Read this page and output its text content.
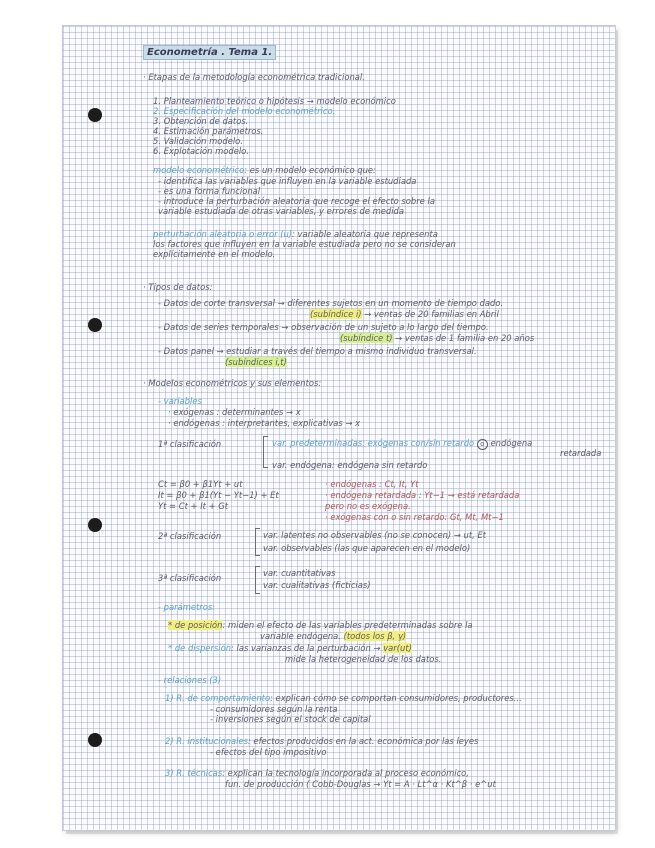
Econometría . Tema 1.
· Etapas de la metodología econométrica tradicional.
1. Planteamiento teórico o hipótesis → modelo económico
2. Especificación del modelo econométrico.
3. Obtención de datos.
4. Estimación parámetros.
5. Validación modelo.
6. Explotación modelo.
modelo econométrico: es un modelo económico que:
- identifica las variables que influyen en la variable estudiada
- es una forma funcional
- introduce la perturbación aleatoria que recoge el efecto sobre la
variable estudiada de otras variables, y errores de medida
perturbación aleatoria o error (u): variable aleatoria que representa
los factores que influyen en la variable estudiada pero no se consideran
explícitamente en el modelo.
· Tipos de datos:
- Datos de corte transversal → diferentes sujetos en un momento de tiempo dado.
(subíndice i) → ventas de 20 familias en Abril
- Datos de series temporales → observación de un sujeto a lo largo del tiempo.
(subíndice t) → ventas de 1 familia en 20 años
- Datos panel → estudiar a través del tiempo a mismo individuo transversal.
(subíndices i,t)
· Modelos econométricos y sus elementos:
- variables
· exógenas : determinantes → x
· endógenas : interpretantes, explicativas → x
1ª clasificación	var. predeterminadas: exógenas con/sin retardo o endógena
retardada
var. endógena: endógena sin retardo
Ct = β0 + β1Yt + ut
It = β0 + β1(Yt − Yt−1) + Et
Yt = Ct + It + Gt
· endógenas : Ct, It, Yt
· endógena retardada : Yt−1 → está retardada
pero no es exógena.
· exógenas con o sin retardo: Gt, Mt, Mt−1
2ª clasificación	var. latentes no observables (no se conocen) → ut, Et
var. observables (las que aparecen en el modelo)
3ª clasificación	var. cuantitativas
var. cualitativas (ficticias)
- parámetros:
* de posición: miden el efecto de las variables predeterminadas sobre la
variable endógena. (todos los β, γ)
* de dispersión: las varianzas de la perturbación → var(ut)
mide la heterogeneidad de los datos.
- relaciones (3)
1) R. de comportamiento: explican cómo se comportan consumidores, productores...
- consumidores según la renta
- inversiones según el stock de capital
2) R. institucionales: efectos producidos en la act. económica por las leyes
- efectos del tipo impositivo
3) R. técnicas: explican la tecnología incorporada al proceso económico,
fun. de producción ( Cobb-Douglas → Yt = A · Lt^α · Kt^β · e^ut
